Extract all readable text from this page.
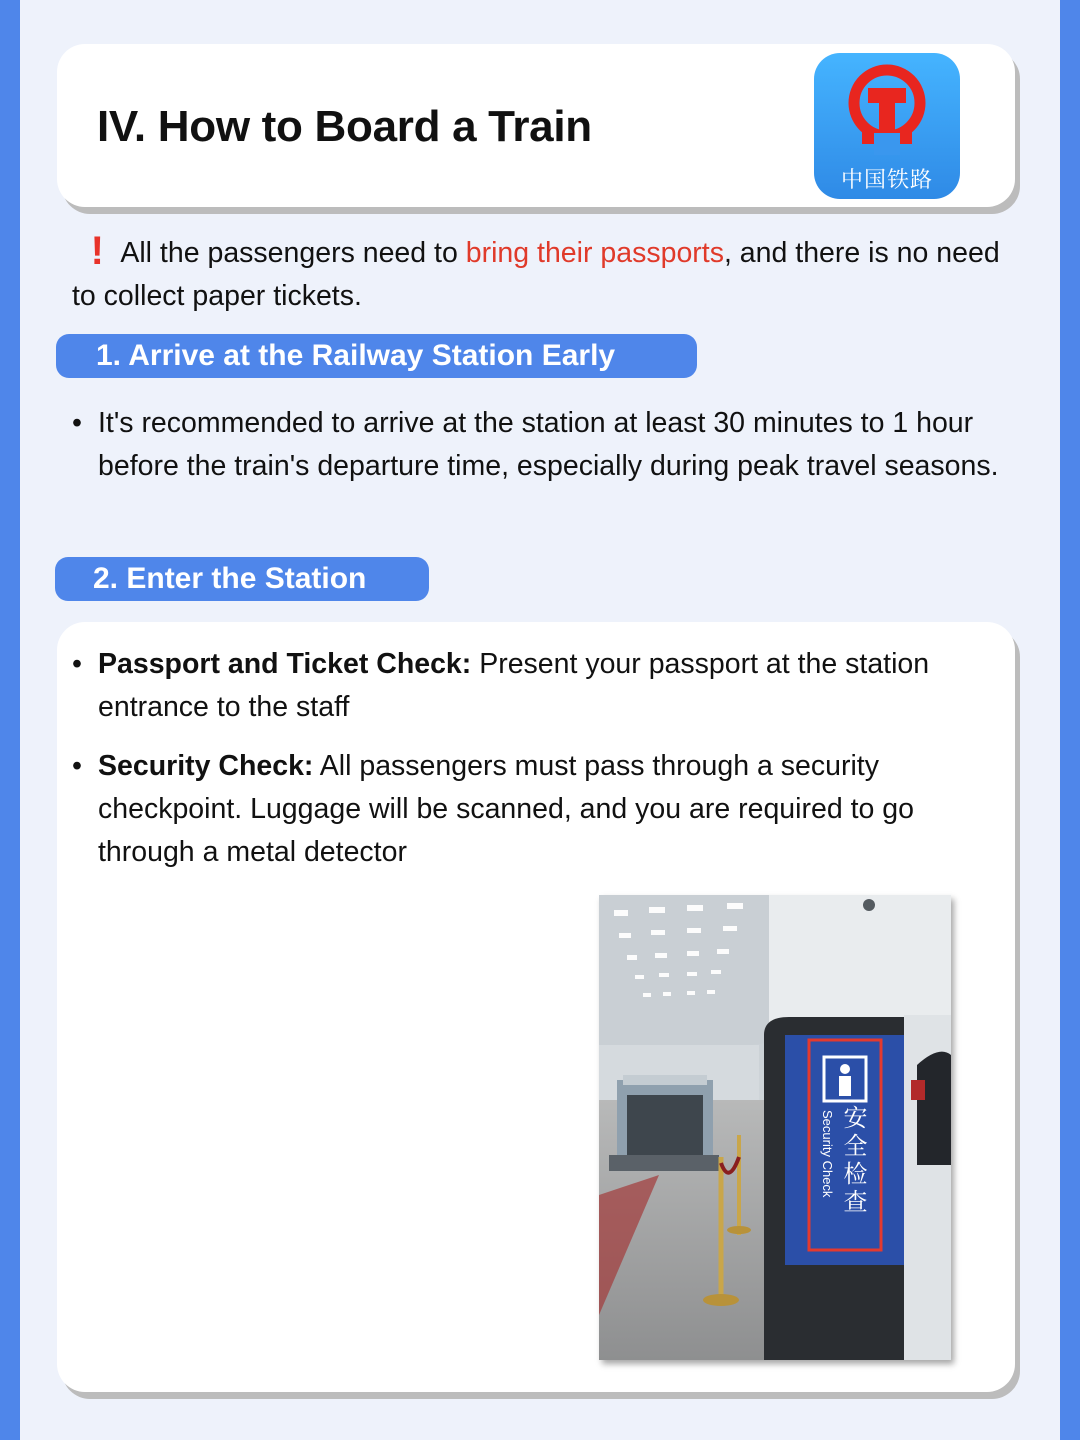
IV. How to Board a Train
中国铁路

! All the passengers need to bring their passports, and there is no need to collect paper tickets.

1. Arrive at the Railway Station Early
• It's recommended to arrive at the station at least 30 minutes to 1 hour before the train's departure time, especially during peak travel seasons.
2. Enter the Station
• Passport and Ticket Check: Present your passport at the station entrance to the staff
• Security Check: All passengers must pass through a security checkpoint. Luggage will be scanned, and you are required to go through a metal detector
安全检查
Security Check
